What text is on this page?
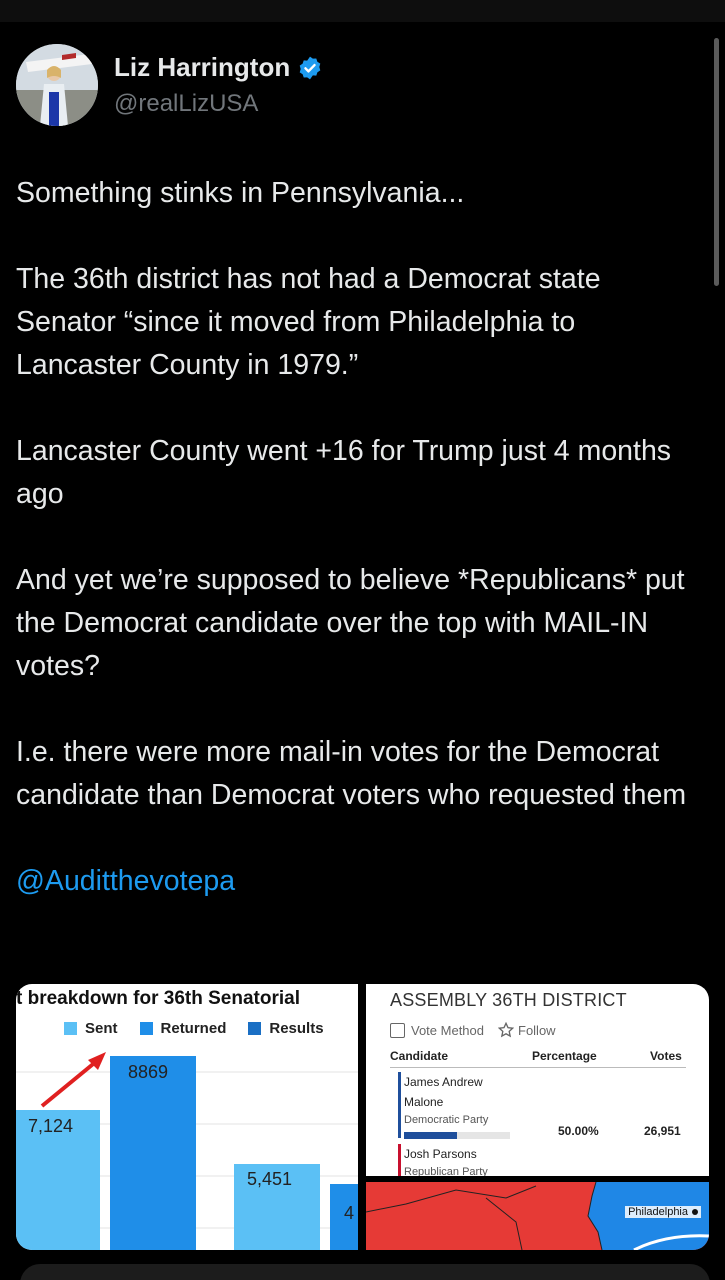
Liz Harrington
@realLizUSA

Something stinks in Pennsylvania...

The 36th district has not had a Democrat state Senator “since it moved from Philadelphia to Lancaster County in 1979.”

Lancaster County went +16 for Trump just 4 months ago

And yet we’re supposed to believe *Republicans* put the Democrat candidate over the top with MAIL-IN votes?

I.e. there were more mail-in votes for the Democrat candidate than Democrat voters who requested them

@Auditthevotepa

t breakdown for 36th Senatorial
Sent	Returned	Results
7,124
8869
5,451
4
ASSEMBLY 36TH DISTRICT
Vote Method	Follow
Candidate	Percentage	Votes
James Andrew
Malone
Democratic Party
50.00%	26,951
Josh Parsons
Republican Party
Philadelphia
